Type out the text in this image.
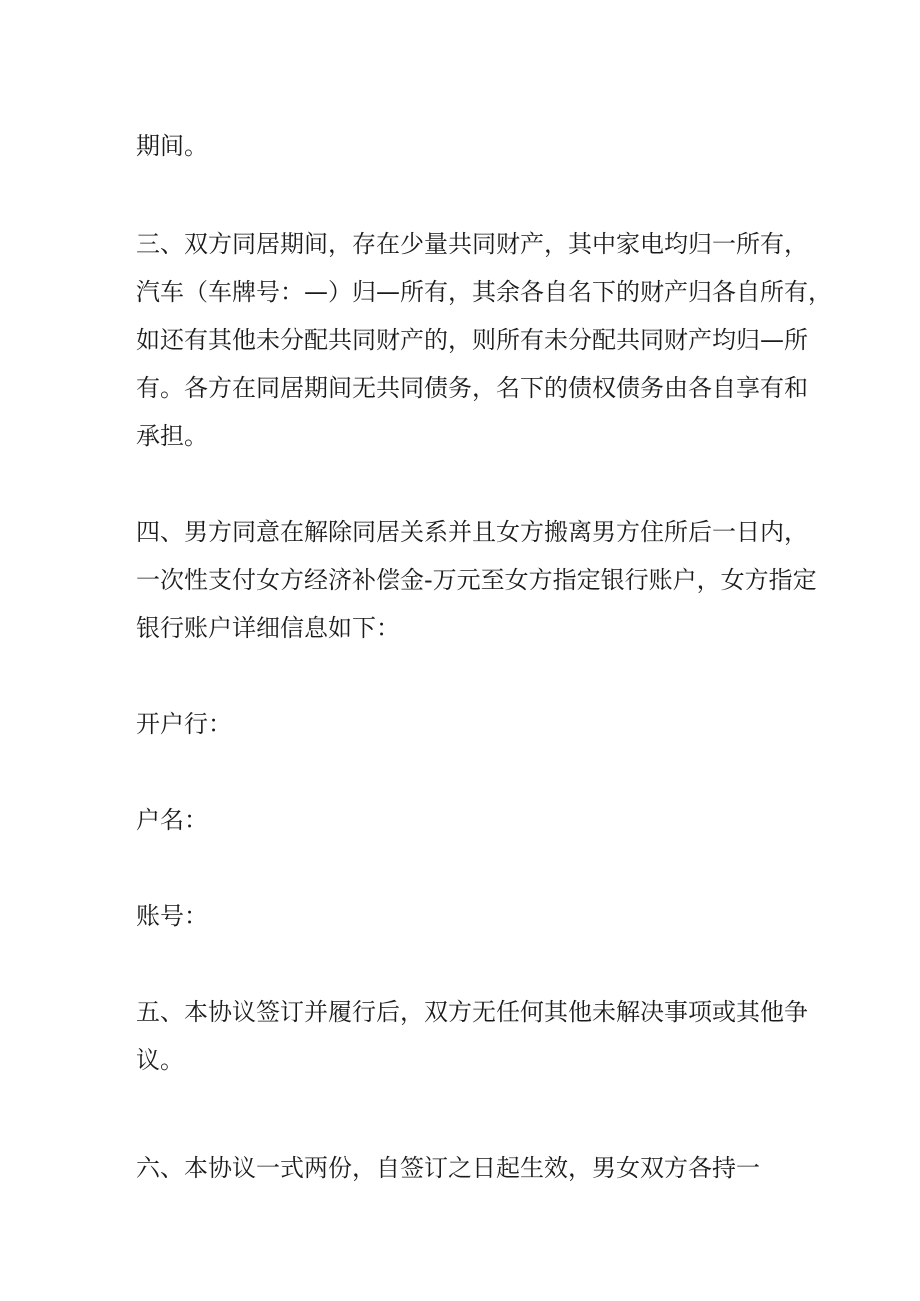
期间。
三、双方同居期间，存在少量共同财产，其中家电均归一所有，
汽车（车牌号：—）归—所有，其余各自名下的财产归各自所有，
如还有其他未分配共同财产的，则所有未分配共同财产均归—所
有。各方在同居期间无共同债务，名下的债权债务由各自享有和
承担。
四、男方同意在解除同居关系并且女方搬离男方住所后一日内，
一次性支付女方经济补偿金-万元至女方指定银行账户，女方指定
银行账户详细信息如下：
开户行：
户名：
账号：
五、本协议签订并履行后，双方无任何其他未解决事项或其他争
议。
六、本协议一式两份，自签订之日起生效，男女双方各持一
